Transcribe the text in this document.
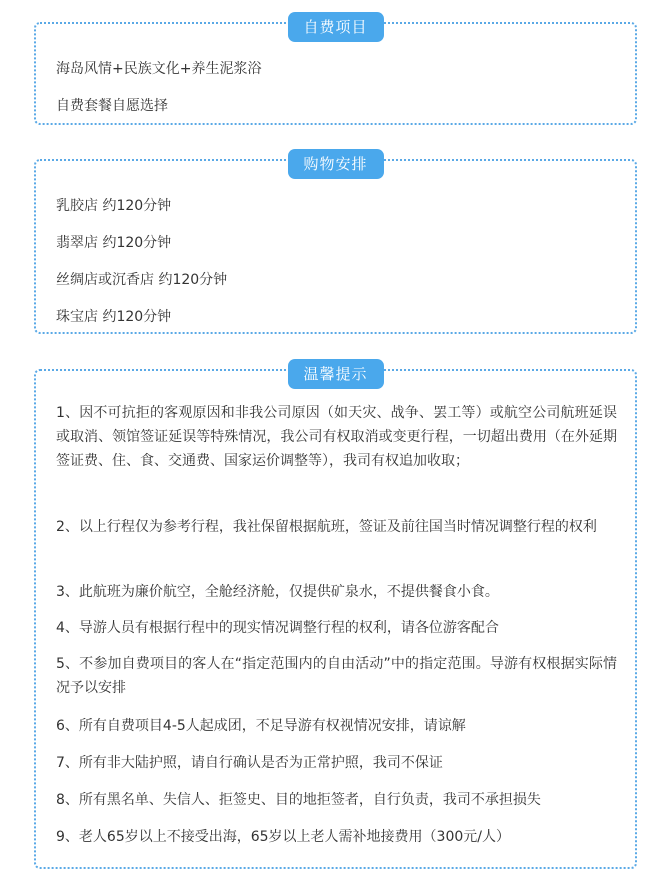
自费项目
海岛风情+民族文化+养生泥浆浴
自费套餐自愿选择
购物安排
乳胶店 约120分钟
翡翠店 约120分钟
丝绸店或沉香店 约120分钟
珠宝店 约120分钟
温馨提示
1、因不可抗拒的客观原因和非我公司原因（如天灾、战争、罢工等）或航空公司航班延误或取消、领馆签证延误等特殊情况，我公司有权取消或变更行程，一切超出费用（在外延期签证费、住、食、交通费、国家运价调整等），我司有权追加收取；
2、以上行程仅为参考行程，我社保留根据航班，签证及前往国当时情况调整行程的权利
3、此航班为廉价航空，全舱经济舱，仅提供矿泉水，不提供餐食小食。
4、导游人员有根据行程中的现实情况调整行程的权利，请各位游客配合
5、不参加自费项目的客人在“指定范围内的自由活动”中的指定范围。导游有权根据实际情况予以安排
6、所有自费项目4-5人起成团，不足导游有权视情况安排，请谅解
7、所有非大陆护照，请自行确认是否为正常护照，我司不保证
8、所有黑名单、失信人、拒签史、目的地拒签者，自行负责，我司不承担损失
9、老人65岁以上不接受出海，65岁以上老人需补地接费用（300元/人）
